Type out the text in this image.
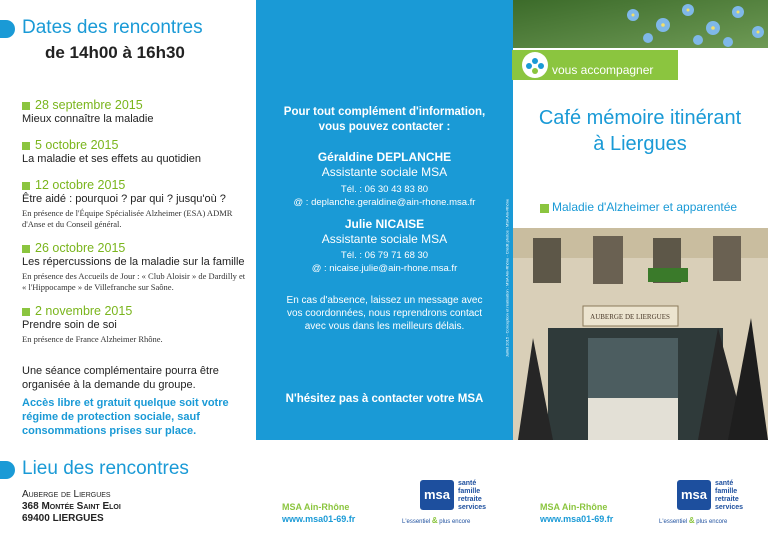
Dates des rencontres
de 14h00 à 16h30
28 septembre 2015
Mieux connaître la maladie
5 octobre 2015
La maladie et ses effets au quotidien
12 octobre 2015
Être aidé : pourquoi ? par qui ? jusqu'où ?
En présence de l'Équipe Spécialisée Alzheimer (ESA) ADMR d'Anse et du Conseil général.
26 octobre 2015
Les répercussions de la maladie sur la famille
En présence des Accueils de Jour : « Club Aloisir » de Dardilly et « l'Hippocampe » de Villefranche sur Saône.
2 novembre 2015
Prendre soin de soi
En présence de France Alzheimer Rhône.
Une séance complémentaire pourra être organisée à la demande du groupe.
Accès libre et gratuit quelque soit votre régime de protection sociale, sauf consommations prises sur place.
Lieu des rencontres
Auberge de Liergues
368 Montée Saint Eloi
69400 LIERGUES
Pour tout complément d'information, vous pouvez contacter :
Géraldine DEPLANCHE
Assistante sociale MSA
Tél. : 06 30 43 83 80
@ : deplanche.geraldine@ain-rhone.msa.fr
Julie NICAISE
Assistante sociale MSA
Tél. : 06 79 71 68 30
@ : nicaise.julie@ain-rhone.msa.fr
En cas d'absence, laissez un message avec vos coordonnées, nous reprendrons contact avec vous dans les meilleurs délais.
N'hésitez pas à contacter votre MSA
Juillet 2015 - Conception et réalisation : MSA Ain-Rhône - Crédit photos : MSA Ain-Rhône
vous accompagner
Café mémoire itinérant
à Liergues
Maladie d'Alzheimer et apparentée
AUBERGE DE LIERGUES
MSA Ain-Rhône
www.msa01-69.fr
msa
santé
famille
retraite
services
L'essentiel & plus encore
MSA Ain-Rhône
www.msa01-69.fr
msa
santé
famille
retraite
services
L'essentiel & plus encore
